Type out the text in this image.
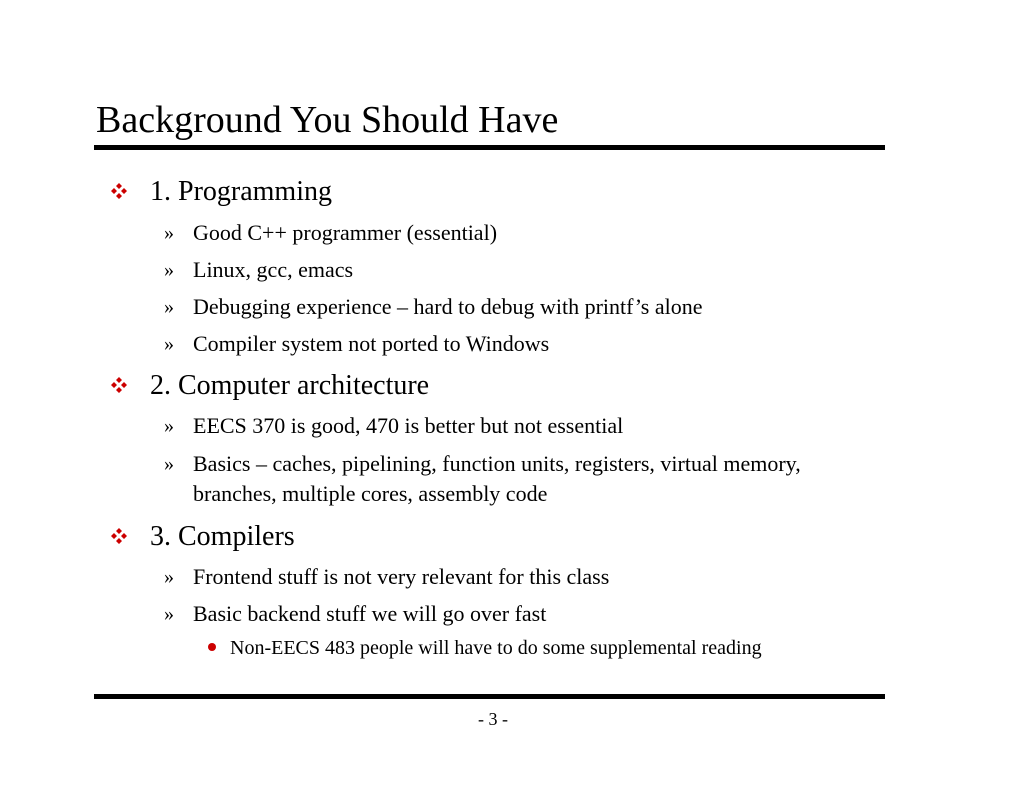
Background You Should Have
1. Programming
» Good C++ programmer (essential)
» Linux, gcc, emacs
» Debugging experience – hard to debug with printf’s alone
» Compiler system not ported to Windows
2. Computer architecture
» EECS 370 is good, 470 is better but not essential
» Basics – caches, pipelining, function units, registers, virtual memory, branches, multiple cores, assembly code
3. Compilers
» Frontend stuff is not very relevant for this class
» Basic backend stuff we will go over fast
Non-EECS 483 people will have to do some supplemental reading
- 3 -
